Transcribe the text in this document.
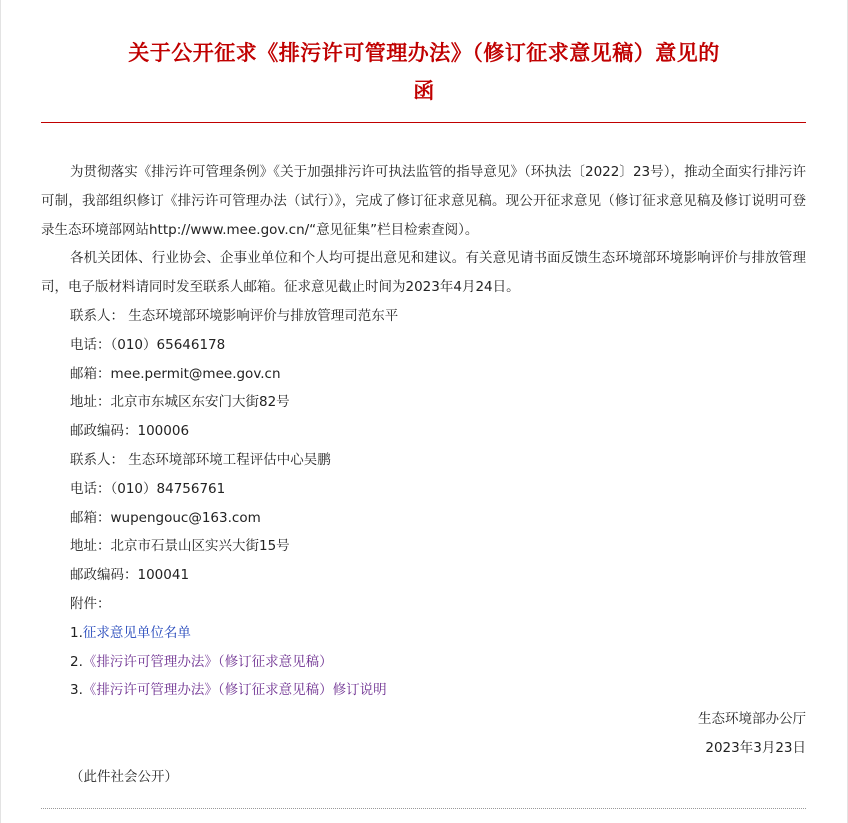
关于公开征求《排污许可管理办法》（修订征求意见稿）意见的
函

为贯彻落实《排污许可管理条例》《关于加强排污许可执法监管的指导意见》（环执法〔2022〕23号），推动全面实行排污许可制，我部组织修订《排污许可管理办法（试行）》，完成了修订征求意见稿。现公开征求意见（修订征求意见稿及修订说明可登录生态环境部网站http://www.mee.gov.cn/“意见征集”栏目检索查阅）。

各机关团体、行业协会、企事业单位和个人均可提出意见和建议。有关意见请书面反馈生态环境部环境影响评价与排放管理司，电子版材料请同时发至联系人邮箱。征求意见截止时间为2023年4月24日。

联系人： 生态环境部环境影响评价与排放管理司范东平

电话：（010）65646178

邮箱：mee.permit@mee.gov.cn

地址：北京市东城区东安门大街82号

邮政编码：100006

联系人： 生态环境部环境工程评估中心吴鹏

电话：（010）84756761

邮箱：wupengouc@163.com

地址：北京市石景山区实兴大街15号

邮政编码：100041

附件：

1.征求意见单位名单

2.《排污许可管理办法》（修订征求意见稿）

3.《排污许可管理办法》（修订征求意见稿）修订说明

生态环境部办公厅

2023年3月23日

（此件社会公开）
